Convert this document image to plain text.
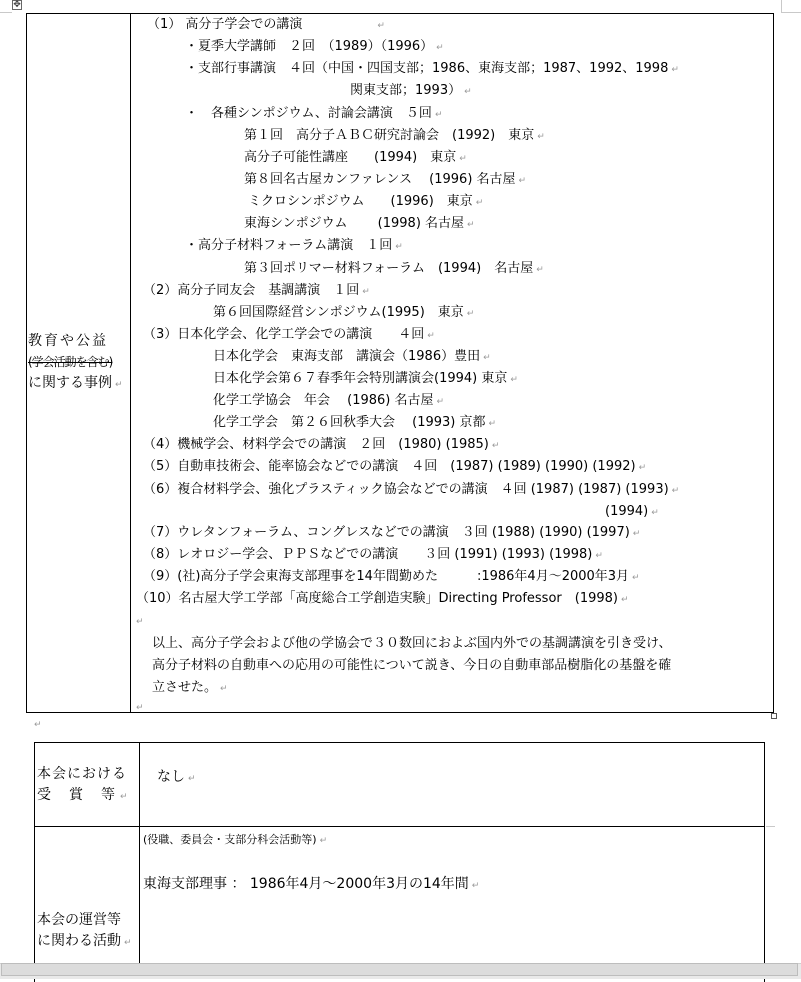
✥
教育や公益
(学会活動を含む)
に関する事例 ↵
（1） 高分子学会での講演	↵
・夏季大学講師　２回　（1989）（1996） ↵
・支部行事講演　４回（中国・四国支部；1986、東海支部；1987、1992、1998 ↵
関東支部；1993） ↵
・　各種シンポジウム、討論会講演　５回 ↵
第１回　高分子ＡＢＣ研究討論会　(1992)　東京 ↵
高分子可能性講座　　(1994)　東京 ↵
第８回名古屋カンファレンス　 (1996) 名古屋 ↵
ミクロシンポジウム　　(1996)　東京 ↵
東海シンポジウム　　 (1998) 名古屋 ↵
・高分子材料フォーラム講演　１回 ↵
第３回ポリマー材料フォーラム　(1994)　名古屋 ↵
（2）高分子同友会　基調講演　１回 ↵
第６回国際経営シンポジウム(1995)　東京 ↵
（3）日本化学会、化学工学会での講演　　４回 ↵
日本化学会　東海支部　講演会（1986）豊田 ↵
日本化学会第６７春季年会特別講演会(1994) 東京 ↵
化学工学協会　年会　 (1986) 名古屋 ↵
化学工学会　第２６回秋季大会　 (1993) 京都 ↵
（4）機械学会、材料学会での講演　２回　(1980) (1985) ↵
（5）自動車技術会、能率協会などでの講演　４回　(1987) (1989) (1990) (1992) ↵
（6）複合材料学会、強化プラスティック協会などでの講演　４回 (1987) (1987) (1993) ↵
(1994) ↵
（7）ウレタンフォーラム、コングレスなどでの講演　３回 (1988) (1990) (1997) ↵
（8）レオロジー学会、ＰＰＳなどでの講演　　３回 (1991) (1993) (1998) ↵
（9）(社)高分子学会東海支部理事を14年間勤めた　　　:1986年4月～2000年3月 ↵
（10）名古屋大学工学部「高度総合工学創造実験」Directing Professor　(1998) ↵
↵
以上、高分子学会および他の学協会で３０数回におよぶ国内外での基調講演を引き受け、
高分子材料の自動車への応用の可能性について説き、今日の自動車部品樹脂化の基盤を確
立させた。 ↵
↵
↵
本会における
受　賞　等 ↵
なし ↵
(役職、委員会・支部分科会活動等) ↵
東海支部理事 ： 1986年4月～2000年3月の14年間 ↵
本会の運営等
に関わる活動 ↵
